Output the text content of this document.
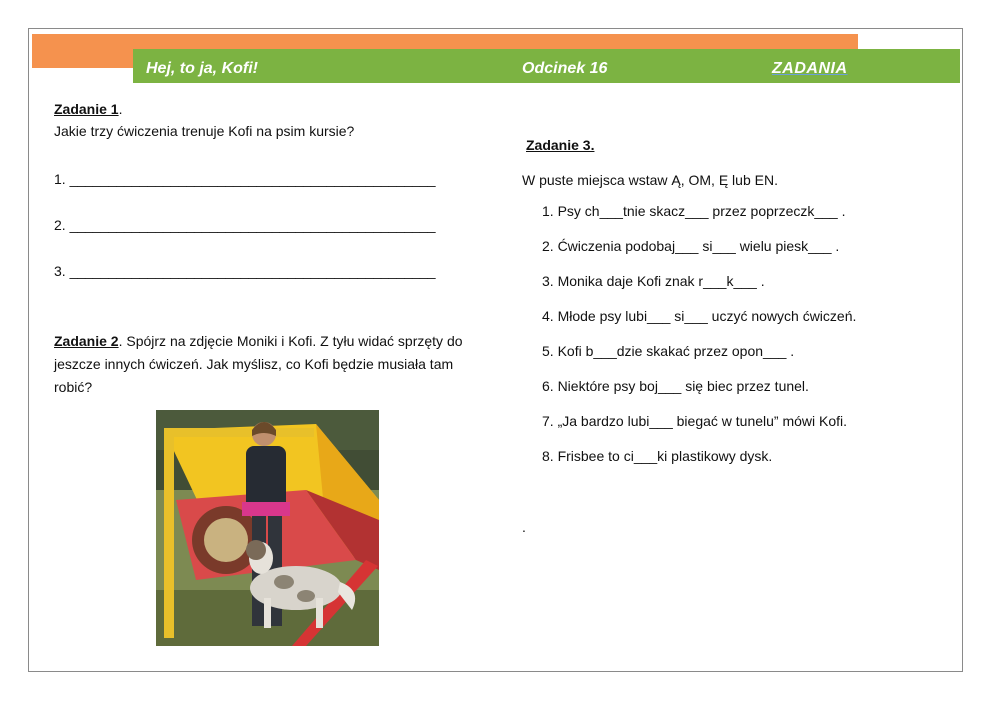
Hej, to ja, Kofi!	Odcinek 16	ZADANIA
Zadanie 1.
Jakie trzy ćwiczenia trenuje Kofi na psim kursie?
1. _______________________________________________
2. _______________________________________________
3. _______________________________________________
Zadanie 2. Spójrz na zdjęcie Moniki i Kofi. Z tyłu widać sprzęty do jeszcze innych ćwiczeń. Jak myślisz, co Kofi będzie musiała tam robić?
Zadanie 3.
W puste miejsca wstaw Ą, OM, Ę lub EN.
1. Psy ch___tnie skacz___ przez poprzeczk___ .
2. Ćwiczenia podobaj___ si___ wielu piesk___ .
3. Monika daje Kofi znak r___k___ .
4. Młode psy lubi___ si___ uczyć nowych ćwiczeń.
5. Kofi b___dzie skakać przez opon___ .
6. Niektóre psy boj___ się biec przez tunel.
7. „Ja bardzo lubi___ biegać w tunelu” mówi Kofi.
8. Frisbee to ci___ki plastikowy dysk.
.
